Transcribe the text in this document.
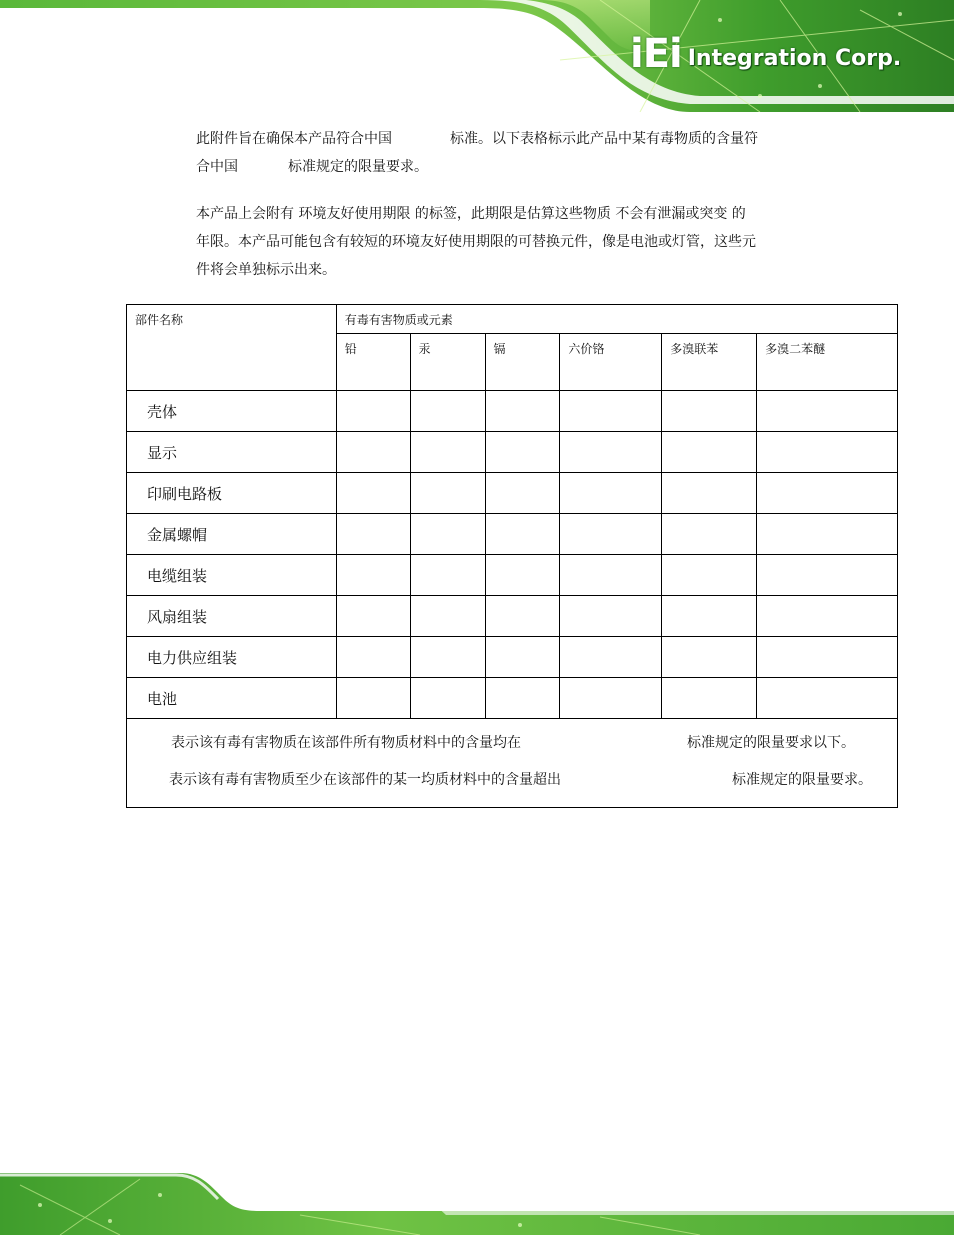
iEi Integration Corp.
此附件旨在确保本产品符合中国	标准。以下表格标示此产品中某有毒物质的含量符
合中国	标准规定的限量要求。
本产品上会附有 环境友好使用期限 的标签，此期限是估算这些物质 不会有泄漏或突变 的
年限。本产品可能包含有较短的环境友好使用期限的可替换元件，像是电池或灯管，这些元
件将会单独标示出来。
部件名称	有毒有害物质或元素					
	铅	汞	镉	六价铬	多溴联苯	多溴二苯醚
壳体						
显示						
印刷电路板						
金属螺帽						
电缆组装						
风扇组装						
电力供应组装						
电池						

表示该有毒有害物质在该部件所有物质材料中的含量均在 标准规定的限量要求以下。
表示该有毒有害物质至少在该部件的某一均质材料中的含量超出 标准规定的限量要求。						
